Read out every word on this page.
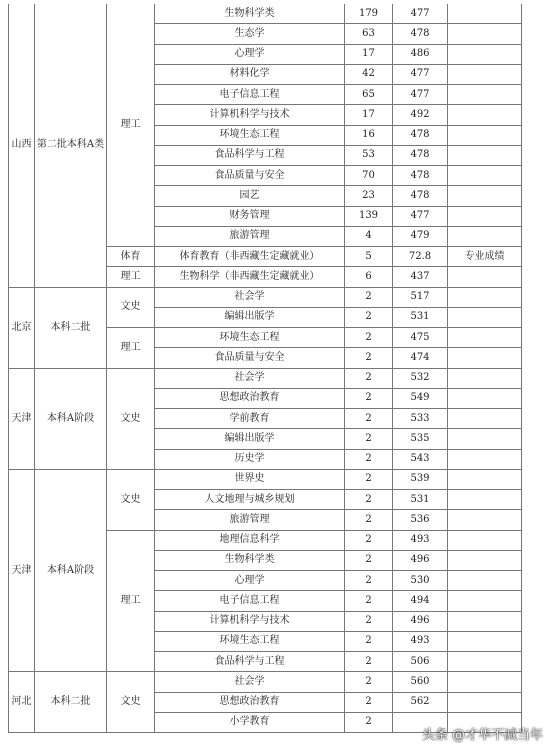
山西	第二批本科A类	理工	生物科学类	179	477	
			生态学	63	478	
			心理学	17	486	
			材料化学	42	477	
			电子信息工程	65	477	
			计算机科学与技术	17	492	
			环境生态工程	16	478	
			食品科学与工程	53	478	
			食品质量与安全	70	478	
			园艺	23	478	
			财务管理	139	477	
			旅游管理	4	479	
		体育	体育教育（非西藏生定藏就业）	5	72.8	专业成绩
		理工	生物科学（非西藏生定藏就业）	6	437	
北京	本科二批	文史	社会学	2	517	
			编辑出版学	2	531	
		理工	环境生态工程	2	475	
			食品质量与安全	2	474	
天津	本科A阶段	文史	社会学	2	532	
			思想政治教育	2	549	
			学前教育	2	533	
			编辑出版学	2	535	
			历史学	2	543	
天津	本科A阶段	文史	世界史	2	539	
			人文地理与城乡规划	2	531	
			旅游管理	2	536	
		理工	地理信息科学	2	493	
			生物科学类	2	496	
			心理学	2	530	
			电子信息工程	2	494	
			计算机科学与技术	2	496	
			环境生态工程	2	493	
			食品科学与工程	2	506	
河北	本科二批	文史	社会学	2	560	
			思想政治教育	2	562	
			小学教育	2		
头条 @才华不减当年
